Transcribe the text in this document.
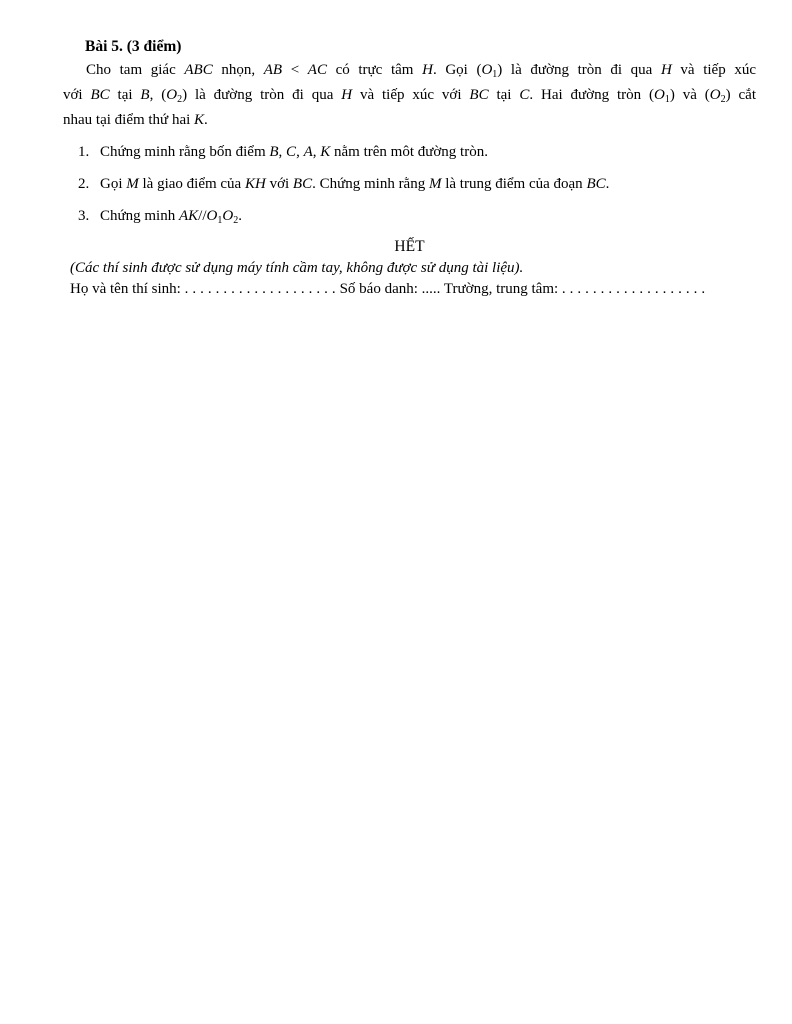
Bài 5. (3 điểm)
Cho tam giác ABC nhọn, AB < AC có trực tâm H. Gọi $(O_1)$ là đường tròn đi qua H và tiếp xúc
với BC tại B, $(O_2)$ là đường tròn đi qua H và tiếp xúc với BC tại C. Hai đường tròn $(O_1)$ và $(O_2)$ cắt
nhau tại điểm thứ hai K.
1. Chứng minh rằng bốn điểm B, C, A, K nằm trên môt đường tròn.
2. Gọi M là giao điểm của KH với BC. Chứng minh rằng M là trung điểm của đoạn BC.
3. Chứng minh $AK//O_1O_2$.
HẾT
(Các thí sinh được sử dụng máy tính cầm tay, không được sử dụng tài liệu).
Họ và tên thí sinh: ....................Số báo danh: ..... Trường, trung tâm: ...................
